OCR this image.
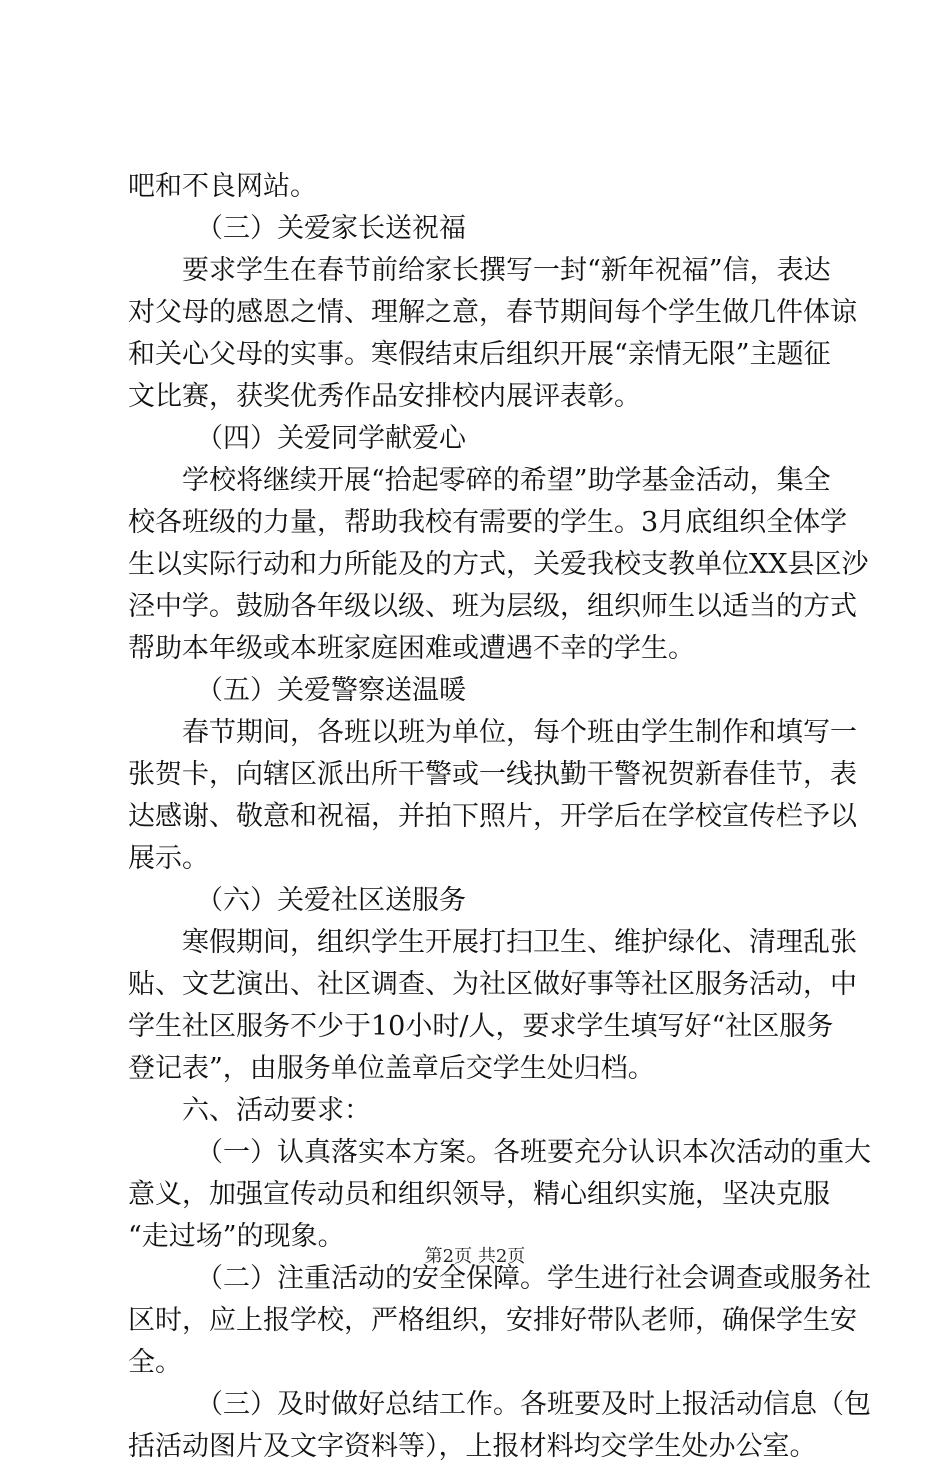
吧和不良网站。
（三）关爱家长送祝福
要求学生在春节前给家长撰写一封“新年祝福”信，表达
对父母的感恩之情、理解之意，春节期间每个学生做几件体谅
和关心父母的实事。寒假结束后组织开展“亲情无限”主题征
文比赛，获奖优秀作品安排校内展评表彰。
（四）关爱同学献爱心
学校将继续开展“拾起零碎的希望”助学基金活动，集全
校各班级的力量，帮助我校有需要的学生。3月底组织全体学
生以实际行动和力所能及的方式，关爱我校支教单位XX县区沙
泾中学。鼓励各年级以级、班为层级，组织师生以适当的方式
帮助本年级或本班家庭困难或遭遇不幸的学生。
（五）关爱警察送温暖
春节期间，各班以班为单位，每个班由学生制作和填写一
张贺卡，向辖区派出所干警或一线执勤干警祝贺新春佳节，表
达感谢、敬意和祝福，并拍下照片，开学后在学校宣传栏予以
展示。
（六）关爱社区送服务
寒假期间，组织学生开展打扫卫生、维护绿化、清理乱张
贴、文艺演出、社区调查、为社区做好事等社区服务活动，中
学生社区服务不少于10小时/人，要求学生填写好“社区服务
登记表”，由服务单位盖章后交学生处归档。
六、活动要求：
（一）认真落实本方案。各班要充分认识本次活动的重大
意义，加强宣传动员和组织领导，精心组织实施，坚决克服
“走过场”的现象。
（二）注重活动的安全保障。学生进行社会调查或服务社
区时，应上报学校，严格组织，安排好带队老师，确保学生安
全。
（三）及时做好总结工作。各班要及时上报活动信息（包
括活动图片及文字资料等），上报材料均交学生处办公室。
第2页 共2页
